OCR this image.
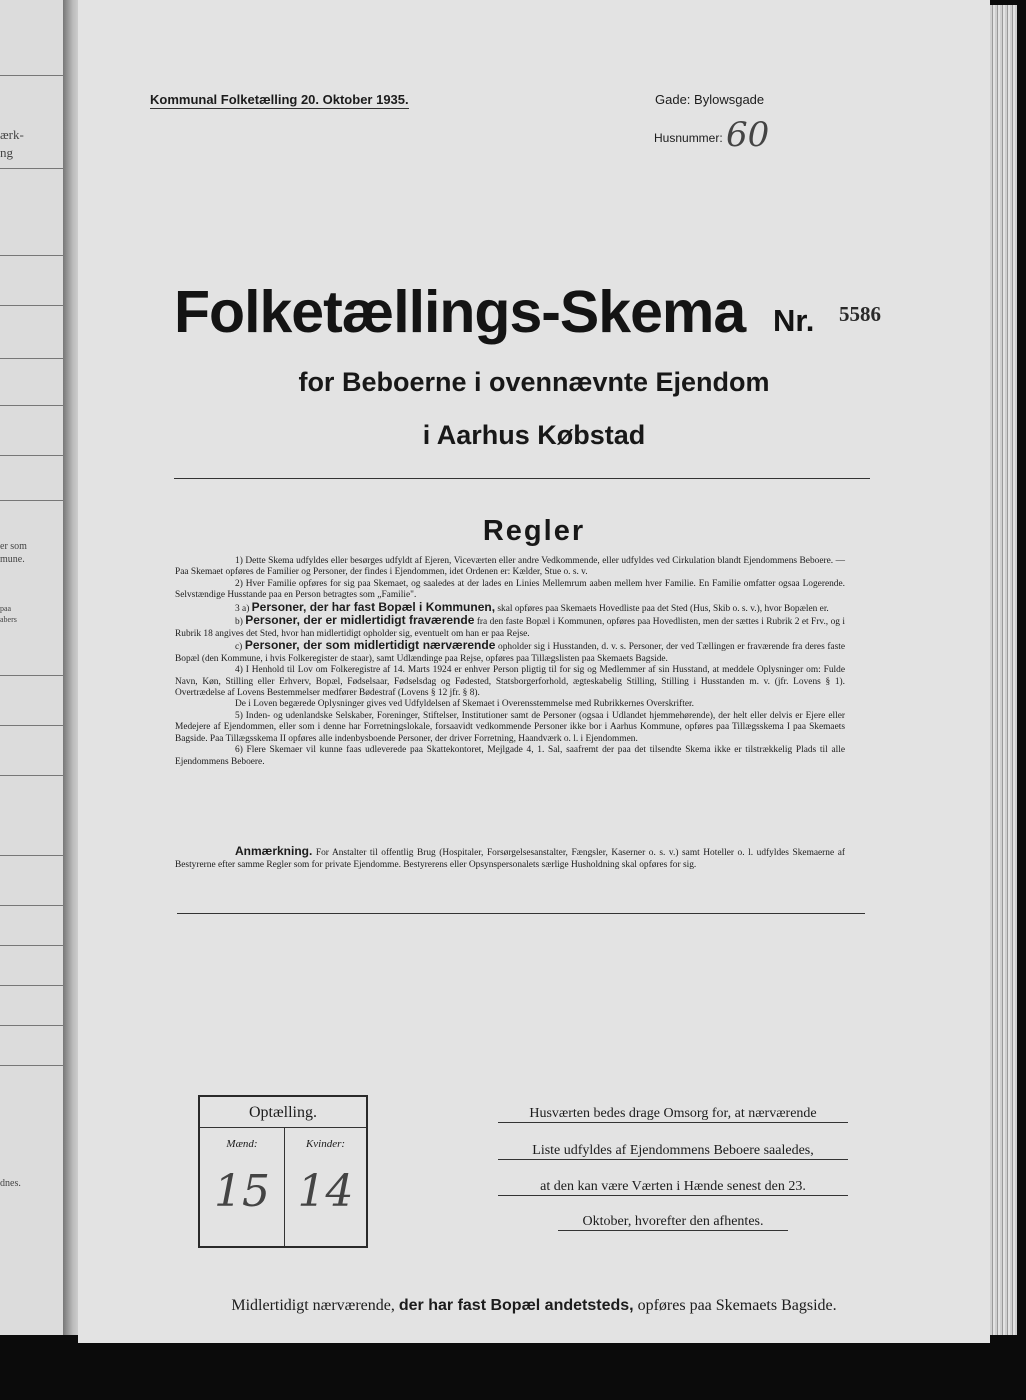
ærk-
ng
er som
mune.
paa
abers
dnes.
Kommunal Folketælling 20. Oktober 1935.	Gade: Bylowsgade
Husnummer: 60
Folketællings-Skema Nr. 5586
for Beboerne i ovennævnte Ejendom
i Aarhus Købstad
Regler

1) Dette Skema udfyldes eller besørges udfyldt af Ejeren, Viceværten eller andre Vedkommende, eller udfyldes ved Cirkulation blandt Ejendommens Beboere. — Paa Skemaet opføres de Familier og Personer, der findes i Ejendommen, idet Ordenen er: Kælder, Stue o. s. v.

2) Hver Familie opføres for sig paa Skemaet, og saaledes at der lades en Linies Mellemrum aaben mellem hver Familie. En Familie omfatter ogsaa Logerende. Selvstændige Husstande paa en Person betragtes som „Familie".

3 a) Personer, der har fast Bopæl i Kommunen, skal opføres paa Skemaets Hovedliste paa det Sted (Hus, Skib o. s. v.), hvor Bopælen er.

b) Personer, der er midlertidigt fraværende fra den faste Bopæl i Kommunen, opføres paa Hovedlisten, men der sættes i Rubrik 2 et Frv., og i Rubrik 18 angives det Sted, hvor han midlertidigt opholder sig, eventuelt om han er paa Rejse.

c) Personer, der som midlertidigt nærværende opholder sig i Husstanden, d. v. s. Personer, der ved Tællingen er fraværende fra deres faste Bopæl (den Kommune, i hvis Folkeregister de staar), samt Udlændinge paa Rejse, opføres paa Tillægslisten paa Skemaets Bagside.

4) I Henhold til Lov om Folkeregistre af 14. Marts 1924 er enhver Person pligtig til for sig og Medlemmer af sin Husstand, at meddele Oplysninger om: Fulde Navn, Køn, Stilling eller Erhverv, Bopæl, Fødselsaar, Fødselsdag og Fødested, Statsborgerforhold, ægteskabelig Stilling, Stilling i Husstanden m. v. (jfr. Lovens § 1). Overtrædelse af Lovens Bestemmelser medfører Bødestraf (Lovens § 12 jfr. § 8).

De i Loven begærede Oplysninger gives ved Udfyldelsen af Skemaet i Overensstemmelse med Rubrikkernes Overskrifter.

5) Inden- og udenlandske Selskaber, Foreninger, Stiftelser, Institutioner samt de Personer (ogsaa i Udlandet hjemmehørende), der helt eller delvis er Ejere eller Medejere af Ejendommen, eller som i denne har Forretningslokale, forsaavidt vedkommende Personer ikke bor i Aarhus Kommune, opføres paa Tillægsskema I paa Skemaets Bagside. Paa Tillægsskema II opføres alle indenbysboende Personer, der driver Forretning, Haandværk o. l. i Ejendommen.

6) Flere Skemaer vil kunne faas udleverede paa Skattekontoret, Mejlgade 4, 1. Sal, saafremt der paa det tilsendte Skema ikke er tilstrækkelig Plads til alle Ejendommens Beboere.

Anmærkning. For Anstalter til offentlig Brug (Hospitaler, Forsørgelsesanstalter, Fængsler, Kaserner o. s. v.) samt Hoteller o. l. udfyldes Skemaerne af Bestyrerne efter samme Regler som for private Ejendomme. Bestyrerens eller Opsynspersonalets særlige Husholdning skal opføres for sig.
Optælling.
Mænd:
15
Kvinder:
14
Husværten bedes drage Omsorg for, at nærværende
Liste udfyldes af Ejendommens Beboere saaledes,
at den kan være Værten i Hænde senest den 23.
Oktober, hvorefter den afhentes.
Midlertidigt nærværende, der har fast Bopæl andetsteds, opføres paa Skemaets Bagside.
